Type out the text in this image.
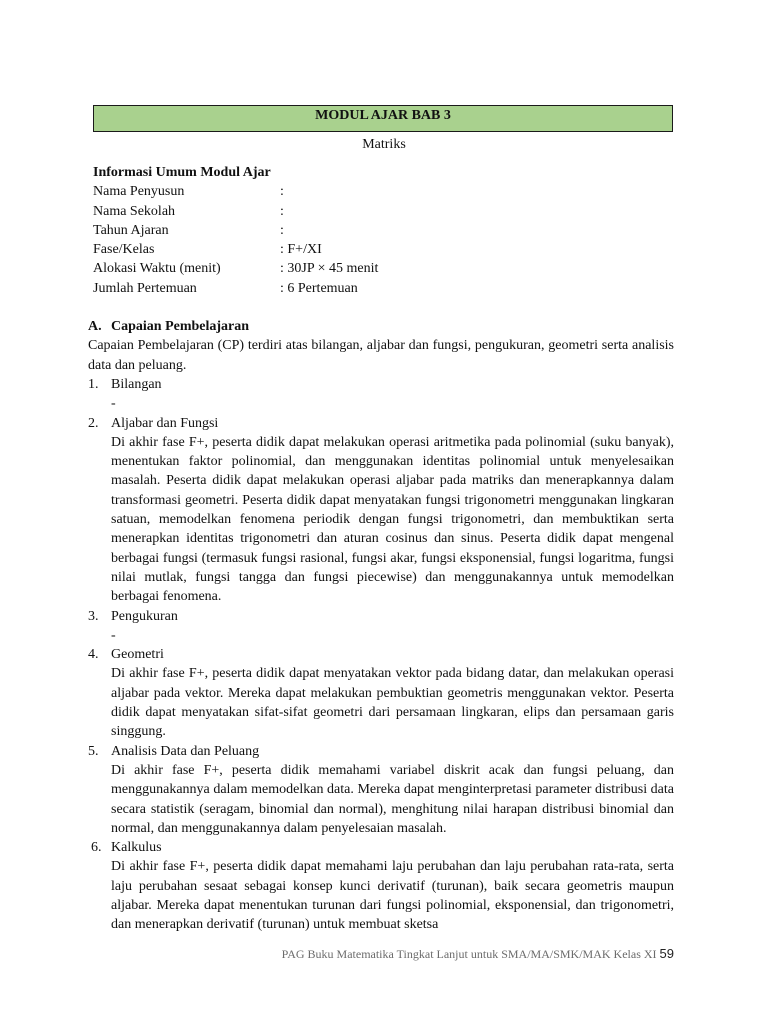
MODUL AJAR BAB 3
Matriks
Informasi Umum Modul Ajar
Nama Penyusun	:
Nama Sekolah	:
Tahun Ajaran	:
Fase/Kelas	: F+/XI
Alokasi Waktu (menit)	: 30JP × 45 menit
Jumlah Pertemuan	: 6 Pertemuan
A. Capaian Pembelajaran
Capaian Pembelajaran (CP) terdiri atas bilangan, aljabar dan fungsi, pengukuran, geometri serta analisis data dan peluang.
1. Bilangan
-
2. Aljabar dan Fungsi
Di akhir fase F+, peserta didik dapat melakukan operasi aritmetika pada polinomial (suku banyak), menentukan faktor polinomial, dan menggunakan identitas polinomial untuk menyelesaikan masalah. Peserta didik dapat melakukan operasi aljabar pada matriks dan menerapkannya dalam transformasi geometri. Peserta didik dapat menyatakan fungsi trigonometri menggunakan lingkaran satuan, memodelkan fenomena periodik dengan fungsi trigonometri, dan membuktikan serta menerapkan identitas trigonometri dan aturan cosinus dan sinus. Peserta didik dapat mengenal berbagai fungsi (termasuk fungsi rasional, fungsi akar, fungsi eksponensial, fungsi logaritma, fungsi nilai mutlak, fungsi tangga dan fungsi piecewise) dan menggunakannya untuk memodelkan berbagai fenomena.
3. Pengukuran
-
4. Geometri
Di akhir fase F+, peserta didik dapat menyatakan vektor pada bidang datar, dan melakukan operasi aljabar pada vektor. Mereka dapat melakukan pembuktian geometris menggunakan vektor. Peserta didik dapat menyatakan sifat-sifat geometri dari persamaan lingkaran, elips dan persamaan garis singgung.
5. Analisis Data dan Peluang
Di akhir fase F+, peserta didik memahami variabel diskrit acak dan fungsi peluang, dan menggunakannya dalam memodelkan data. Mereka dapat menginterpretasi parameter distribusi data secara statistik (seragam, binomial dan normal), menghitung nilai harapan distribusi binomial dan normal, dan menggunakannya dalam penyelesaian masalah.
6. Kalkulus
Di akhir fase F+, peserta didik dapat memahami laju perubahan dan laju perubahan rata-rata, serta laju perubahan sesaat sebagai konsep kunci derivatif (turunan), baik secara geometris maupun aljabar. Mereka dapat menentukan turunan dari fungsi polinomial, eksponensial, dan trigonometri, dan menerapkan derivatif (turunan) untuk membuat sketsa
PAG Buku Matematika Tingkat Lanjut untuk SMA/MA/SMK/MAK Kelas XI 59
